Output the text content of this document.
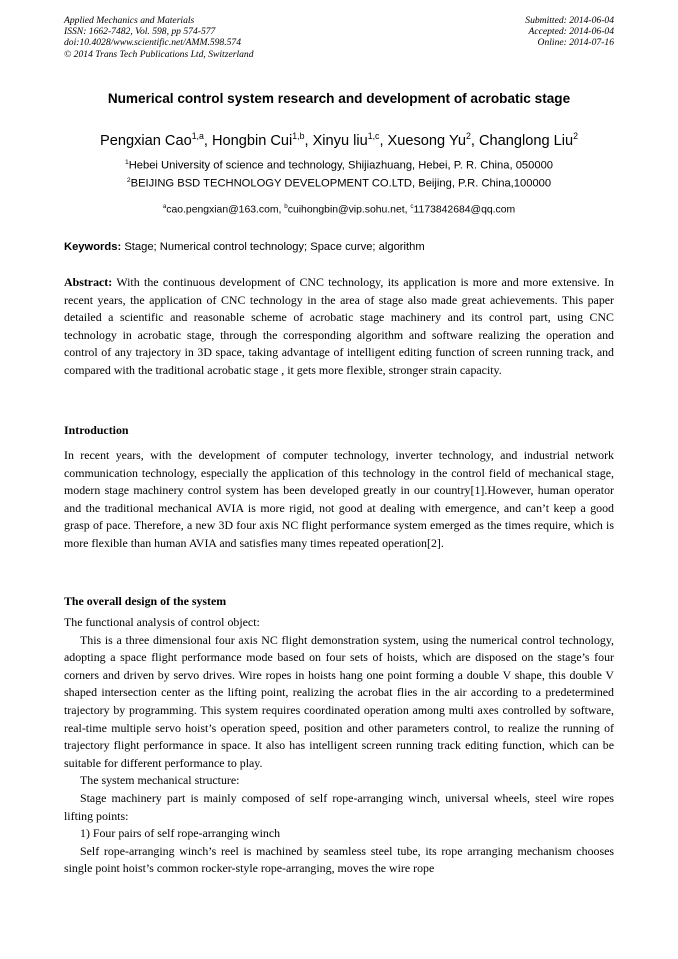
Applied Mechanics and Materials
ISSN: 1662-7482, Vol. 598, pp 574-577
doi:10.4028/www.scientific.net/AMM.598.574
© 2014 Trans Tech Publications Ltd, Switzerland
Submitted: 2014-06-04
Accepted: 2014-06-04
Online: 2014-07-16
Numerical control system research and development of acrobatic stage
Pengxian Cao$^{1,a}$, Hongbin Cui$^{1,b}$, Xinyu liu$^{1,c}$, Xuesong Yu$^2$, Changlong Liu$^2$
$^1$Hebei University of science and technology, Shijiazhuang, Hebei, P. R. China, 050000
$^2$BEIJING BSD TECHNOLOGY DEVELOPMENT CO.LTD, Beijing, P.R. China,100000
$^a$cao.pengxian@163.com, $^b$cuihongbin@vip.sohu.net, $^c$1173842684@qq.com
Keywords: Stage; Numerical control technology; Space curve; algorithm

Abstract: With the continuous development of CNC technology, its application is more and more extensive. In recent years, the application of CNC technology in the area of stage also made great achievements. This paper detailed a scientific and reasonable scheme of acrobatic stage machinery and its control part, using CNC technology in acrobatic stage, through the corresponding algorithm and software realizing the operation and control of any trajectory in 3D space, taking advantage of intelligent editing function of screen running track, and compared with the traditional acrobatic stage , it gets more flexible, stronger strain capacity.

Introduction

In recent years, with the development of computer technology, inverter technology, and industrial network communication technology, especially the application of this technology in the control field of mechanical stage, modern stage machinery control system has been developed greatly in our country[1].However, human operator and the traditional mechanical AVIA is more rigid, not good at dealing with emergence, and can’t keep a good grasp of pace. Therefore, a new 3D four axis NC flight performance system emerged as the times require, which is more flexible than human AVIA and satisfies many times repeated operation[2].

The overall design of the system

The functional analysis of control object:

This is a three dimensional four axis NC flight demonstration system, using the numerical control technology, adopting a space flight performance mode based on four sets of hoists, which are disposed on the stage’s four corners and driven by servo drives. Wire ropes in hoists hang one point forming a double V shape, this double V shaped intersection center as the lifting point, realizing the acrobat flies in the air according to a predetermined trajectory by programming. This system requires coordinated operation among multi axes controlled by software, real-time multiple servo hoist’s operation speed, position and other parameters control, to realize the running of trajectory flight performance in space. It also has intelligent screen running track editing function, which can be suitable for different performance to play.

The system mechanical structure:

Stage machinery part is mainly composed of self rope-arranging winch, universal wheels, steel wire ropes lifting points:

1) Four pairs of self rope-arranging winch

Self rope-arranging winch’s reel is machined by seamless steel tube, its rope arranging mechanism chooses single point hoist’s common rocker-style rope-arranging, moves the wire rope
